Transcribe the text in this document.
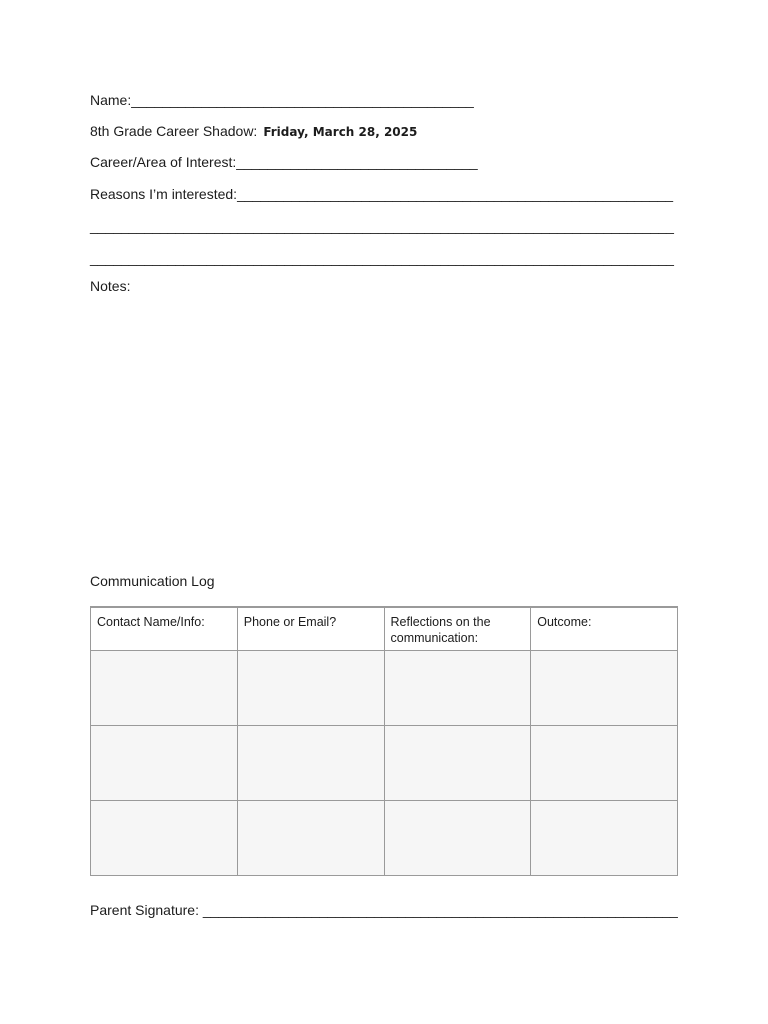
Name:____________________________________________
8th Grade Career Shadow: Friday, March 28, 2025
Career/Area of Interest:_______________________________
Reasons I’m interested:________________________________________________________
___________________________________________________________________________
___________________________________________________________________________
Notes:
Communication Log
Contact Name/Info:	Phone or Email?	Reflections on the communication:	Outcome:

Parent Signature: _____________________________________________________________
